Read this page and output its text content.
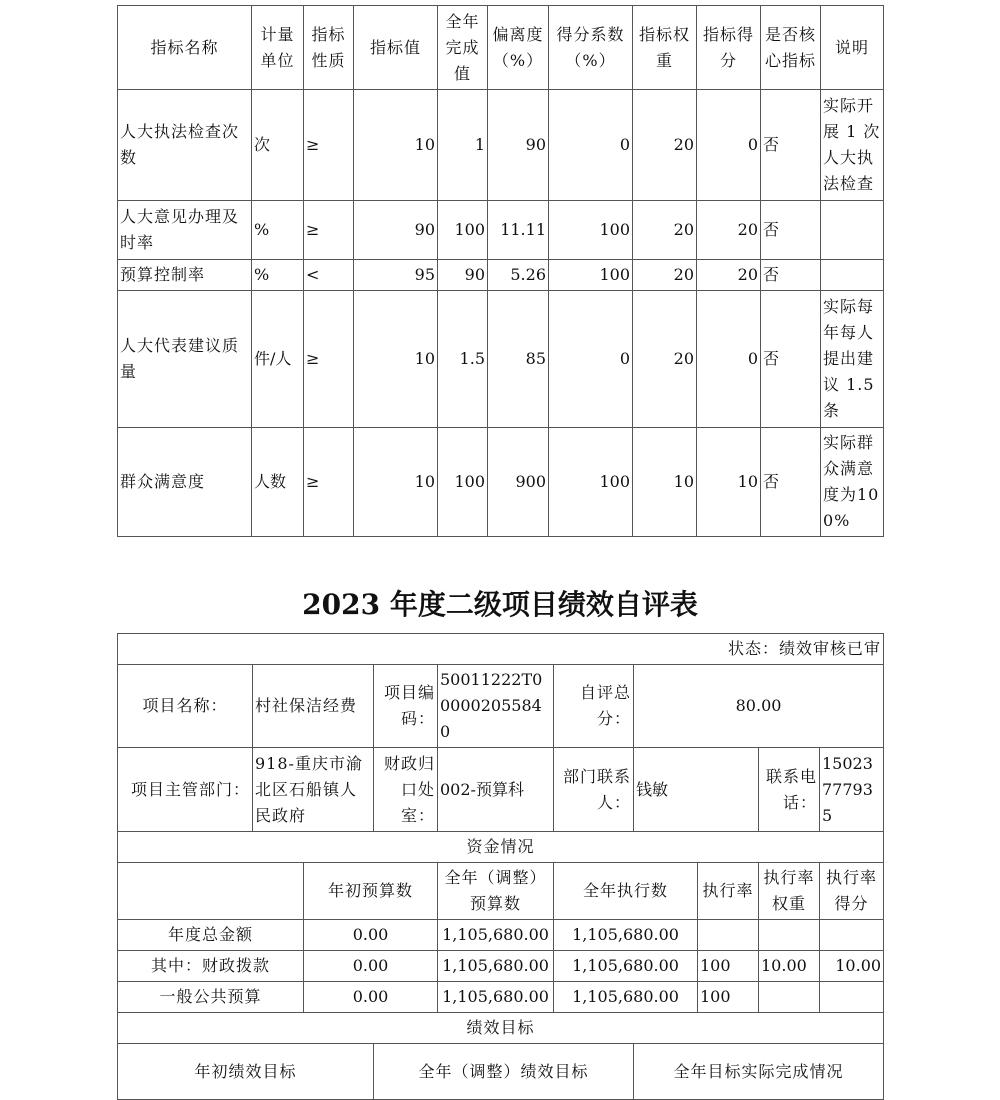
指标名称	计量单位	指标性质	指标值	全年完成值	偏离度（%）	得分系数（%）	指标权重	指标得分	是否核心指标	说明
人大执法检查次数	次	≥	10	1	90	0	20	0	否	实际开展 1 次人大执法检查
人大意见办理及时率	%	≥	90	100	11.11	100	20	20	否	
预算控制率	%	<	95	90	5.26	100	20	20	否	
人大代表建议质量	件/人	≥	10	1.5	85	0	20	0	否	实际每年每人提出建议 1.5 条
群众满意度	人数	≥	10	100	900	100	10	10	否	实际群众满意度为100%
2023 年度二级项目绩效自评表
状态：绩效审核已审									
项目名称：	村社保洁经费		项目编码：	50011222T000002055840	自评总分：	80.00			
项目主管部门：	918-重庆市渝北区石船镇人民政府		财政归口处室：	002-预算科	部门联系人：	钱敏		联系电话：	15023777935
资金情况									
		年初预算数		全年（调整）预算数	全年执行数		执行率	执行率权重	执行率得分
年度总金额		0.00		1,105,680.00	1,105,680.00				
其中：财政拨款		0.00		1,105,680.00	1,105,680.00		100	10.00	10.00
一般公共预算		0.00		1,105,680.00	1,105,680.00		100		
绩效目标									
年初绩效目标			全年（调整）绩效目标			全年目标实际完成情况			
